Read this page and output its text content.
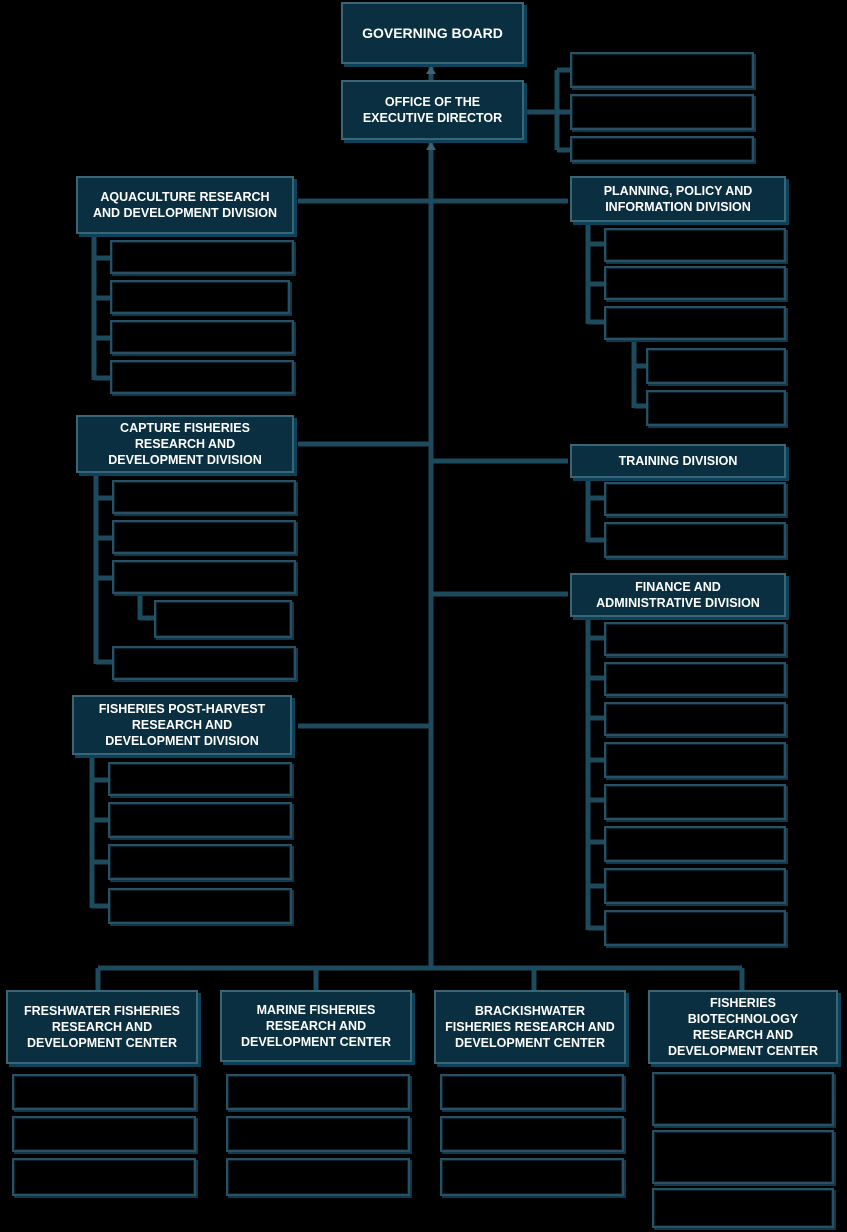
GOVERNING BOARD
OFFICE OF THE
EXECUTIVE DIRECTOR
AQUACULTURE RESEARCH
AND DEVELOPMENT DIVISION
CAPTURE FISHERIES
RESEARCH AND
DEVELOPMENT DIVISION
FISHERIES POST-HARVEST
RESEARCH AND
DEVELOPMENT DIVISION
PLANNING, POLICY AND
INFORMATION DIVISION
TRAINING DIVISION
FINANCE AND
ADMINISTRATIVE DIVISION
FRESHWATER FISHERIES
RESEARCH AND
DEVELOPMENT CENTER
MARINE FISHERIES
RESEARCH AND
DEVELOPMENT CENTER
BRACKISHWATER
FISHERIES RESEARCH AND
DEVELOPMENT CENTER
FISHERIES
BIOTECHNOLOGY
RESEARCH AND
DEVELOPMENT CENTER
